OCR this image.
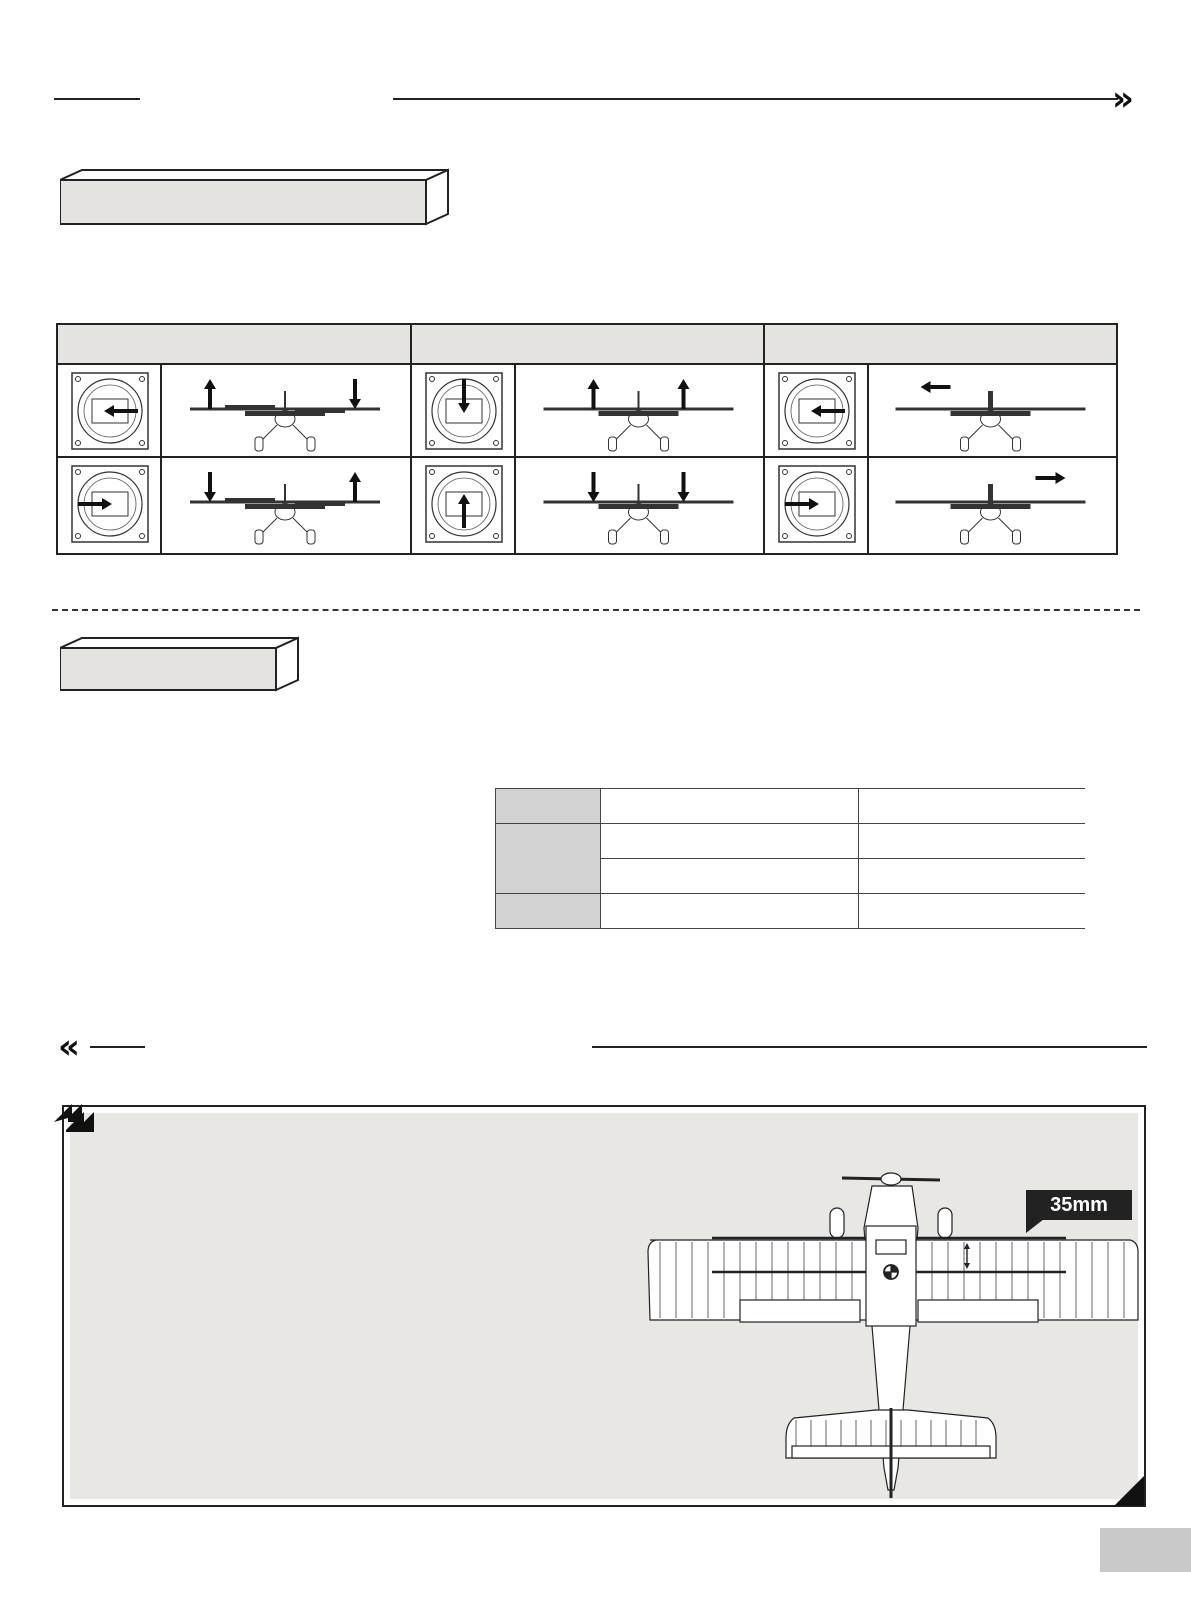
»

«
35mm
